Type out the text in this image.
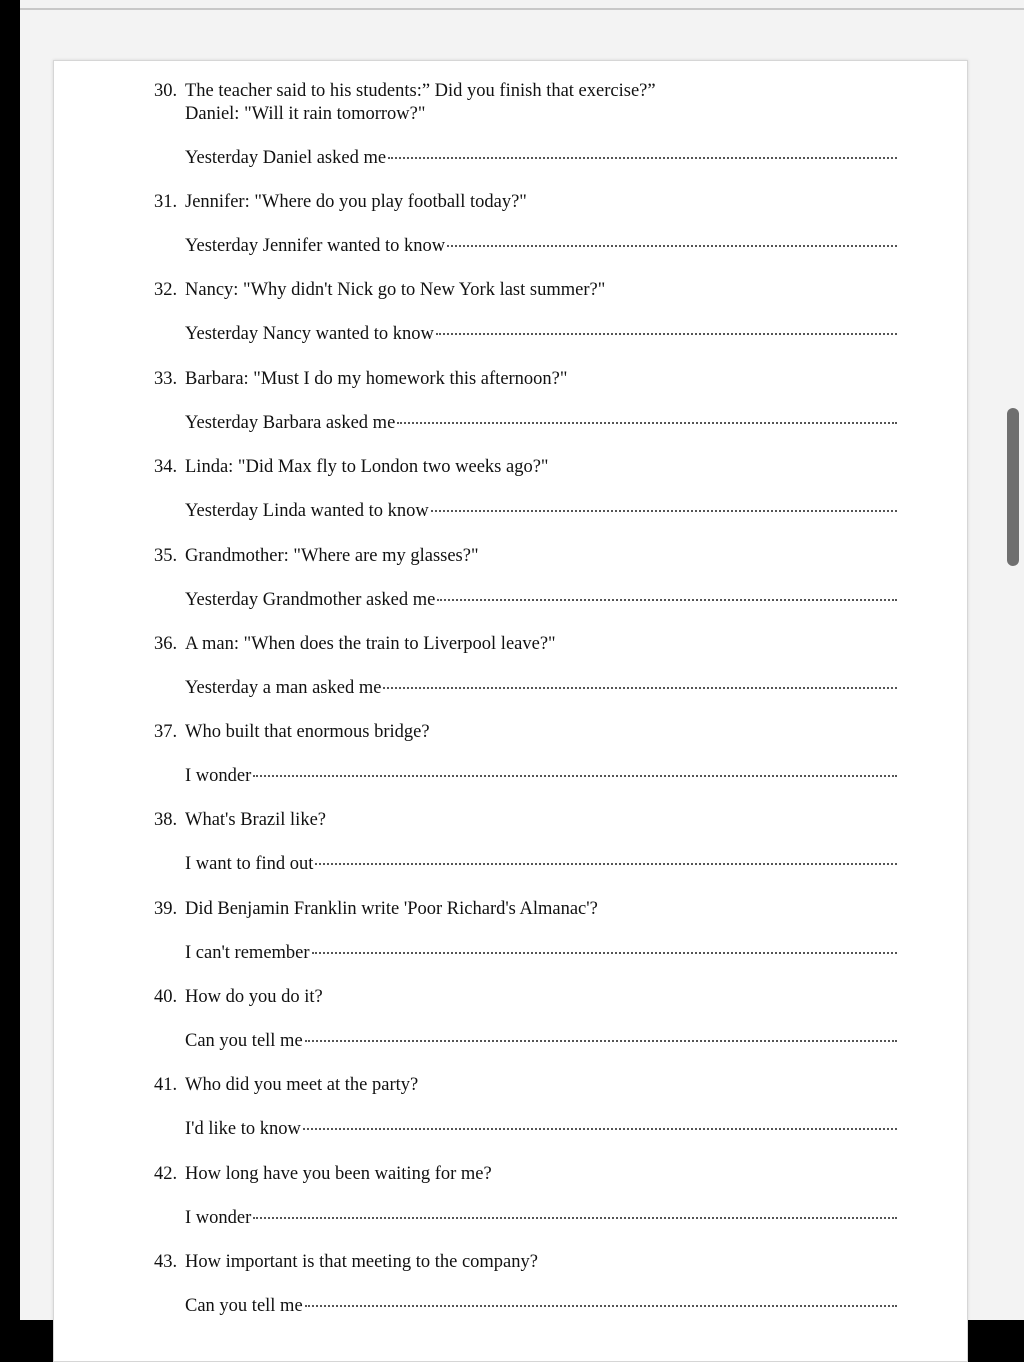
30. The teacher said to his students:” Did you finish that exercise?”
Daniel: "Will it rain tomorrow?"
Yesterday Daniel asked me
31. Jennifer: "Where do you play football today?"
Yesterday Jennifer wanted to know
32. Nancy: "Why didn't Nick go to New York last summer?"
Yesterday Nancy wanted to know
33. Barbara: "Must I do my homework this afternoon?"
Yesterday Barbara asked me
34. Linda: "Did Max fly to London two weeks ago?"
Yesterday Linda wanted to know
35. Grandmother: "Where are my glasses?"
Yesterday Grandmother asked me
36. A man: "When does the train to Liverpool leave?"
Yesterday a man asked me
37. Who built that enormous bridge?
I wonder
38. What's Brazil like?
I want to find out
39. Did Benjamin Franklin write 'Poor Richard's Almanac'?
I can't remember
40. How do you do it?
Can you tell me
41. Who did you meet at the party?
I'd like to know
42. How long have you been waiting for me?
I wonder
43. How important is that meeting to the company?
Can you tell me
